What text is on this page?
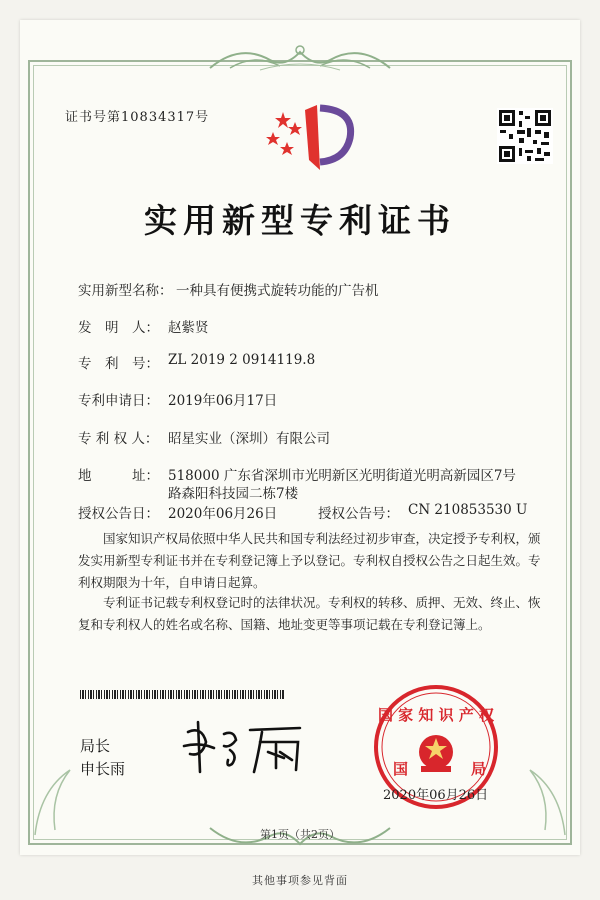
证书号第10834317号
实用新型专利证书
实用新型名称： 一种具有便携式旋转功能的广告机
发　明　人： 赵紫贤
专　利　号： ZL 2019 2 0914119.8
专利申请日： 2019年06月17日
专 利 权 人： 昭星实业（深圳）有限公司
地　　　址： 518000 广东省深圳市光明新区光明街道光明高新园区7号
路森阳科技园二栋7楼
授权公告日： 2020年06月26日	授权公告号： CN 210853530 U
国家知识产权局依照中华人民共和国专利法经过初步审查，决定授予专利权，颁发实用新型专利证书并在专利登记簿上予以登记。专利权自授权公告之日起生效。专利权期限为十年，自申请日起算。
专利证书记载专利权登记时的法律状况。专利权的转移、质押、无效、终止、恢复和专利权人的姓名或名称、国籍、地址变更等事项记载在专利登记簿上。
局长
申长雨
国 家 知 识 产 权
国	局
2020年06月26日
第1页（共2页）
其他事项参见背面
